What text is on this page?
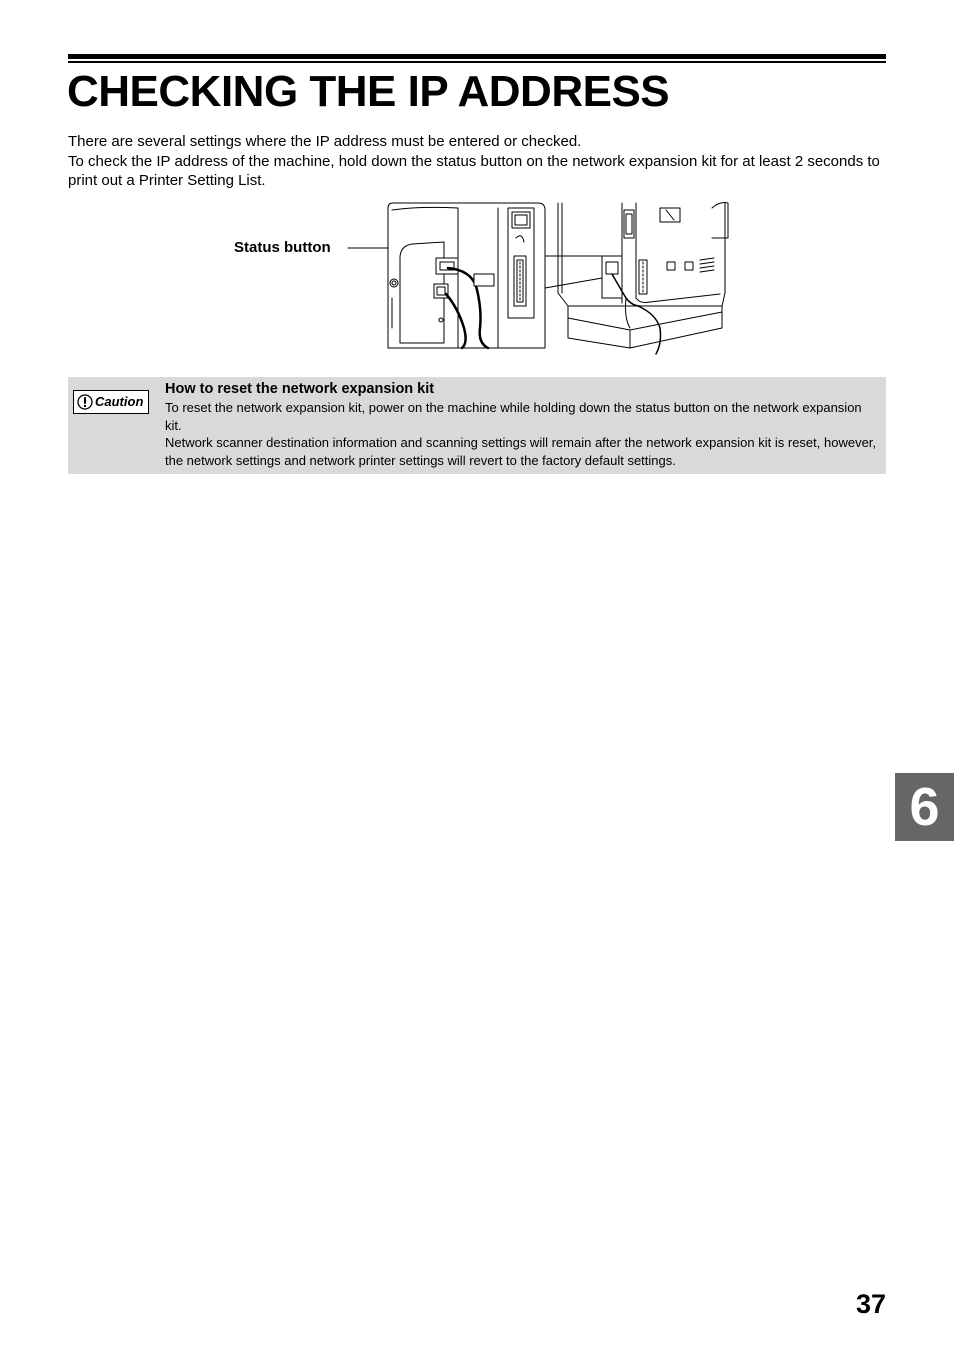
CHECKING THE IP ADDRESS

There are several settings where the IP address must be entered or checked.

To check the IP address of the machine, hold down the status button on the network expansion kit for at least 2 seconds to print out a Printer Setting List.

Status button
Caution
How to reset the network expansion kit

To reset the network expansion kit, power on the machine while holding down the status button on the network expansion kit.

Network scanner destination information and scanning settings will remain after the network expansion kit is reset, however, the network settings and network printer settings will revert to the factory default settings.

6
37
